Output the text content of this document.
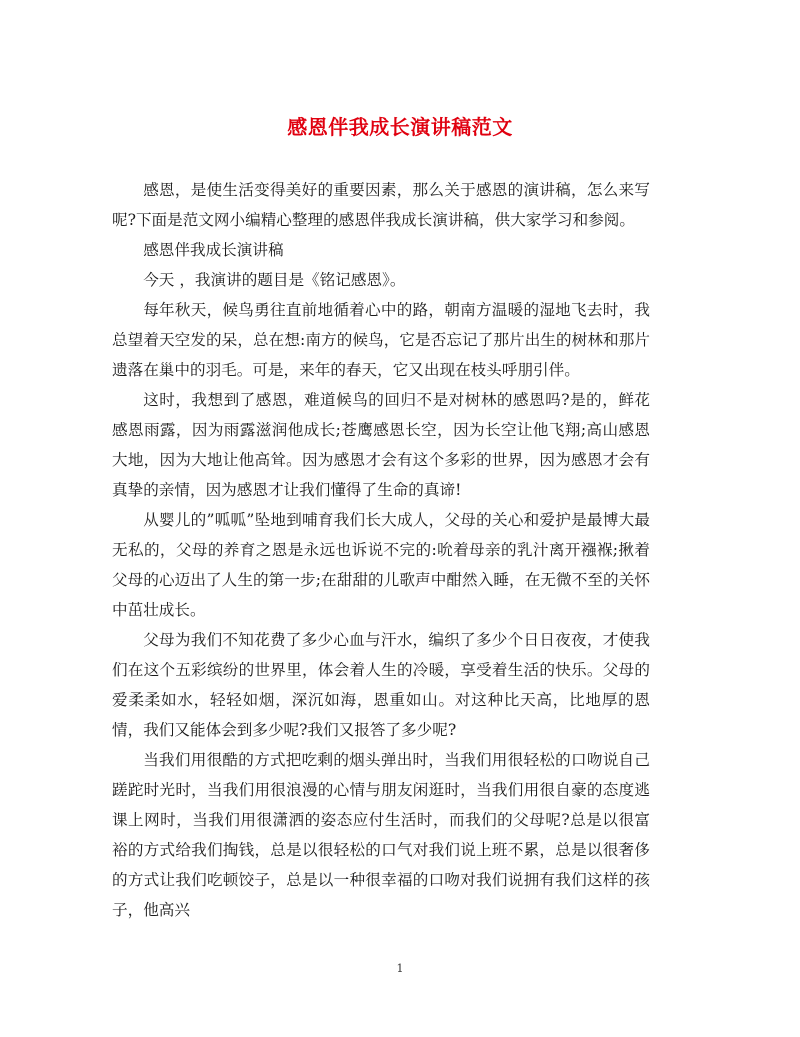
感恩伴我成长演讲稿范文

感恩，是使生活变得美好的重要因素，那么关于感恩的演讲稿，怎么来写呢?下面是范文网小编精心整理的感恩伴我成长演讲稿，供大家学习和参阅。

感恩伴我成长演讲稿

今天 ，我演讲的题目是《铭记感恩》。

每年秋天，候鸟勇往直前地循着心中的路，朝南方温暖的湿地飞去时，我总望着天空发的呆，总在想:南方的候鸟，它是否忘记了那片出生的树林和那片遗落在巢中的羽毛。可是，来年的春天，它又出现在枝头呼朋引伴。

这时，我想到了感恩，难道候鸟的回归不是对树林的感恩吗?是的，鲜花感恩雨露，因为雨露滋润他成长;苍鹰感恩长空，因为长空让他飞翔;高山感恩大地，因为大地让他高耸。因为感恩才会有这个多彩的世界，因为感恩才会有真挚的亲情，因为感恩才让我们懂得了生命的真谛!

从婴儿的”呱呱”坠地到哺育我们长大成人，父母的关心和爱护是最博大最无私的，父母的养育之恩是永远也诉说不完的:吮着母亲的乳汁离开襁褓;揪着父母的心迈出了人生的第一步;在甜甜的儿歌声中酣然入睡，在无微不至的关怀中茁壮成长。

父母为我们不知花费了多少心血与汗水，编织了多少个日日夜夜，才使我们在这个五彩缤纷的世界里，体会着人生的冷暖，享受着生活的快乐。父母的爱柔柔如水，轻轻如烟，深沉如海，恩重如山。对这种比天高，比地厚的恩情，我们又能体会到多少呢?我们又报答了多少呢?

当我们用很酷的方式把吃剩的烟头弹出时，当我们用很轻松的口吻说自己蹉跎时光时，当我们用很浪漫的心情与朋友闲逛时，当我们用很自豪的态度逃课上网时，当我们用很潇洒的姿态应付生活时，而我们的父母呢?总是以很富裕的方式给我们掏钱，总是以很轻松的口气对我们说上班不累，总是以很奢侈的方式让我们吃顿饺子，总是以一种很幸福的口吻对我们说拥有我们这样的孩子，他高兴

1
